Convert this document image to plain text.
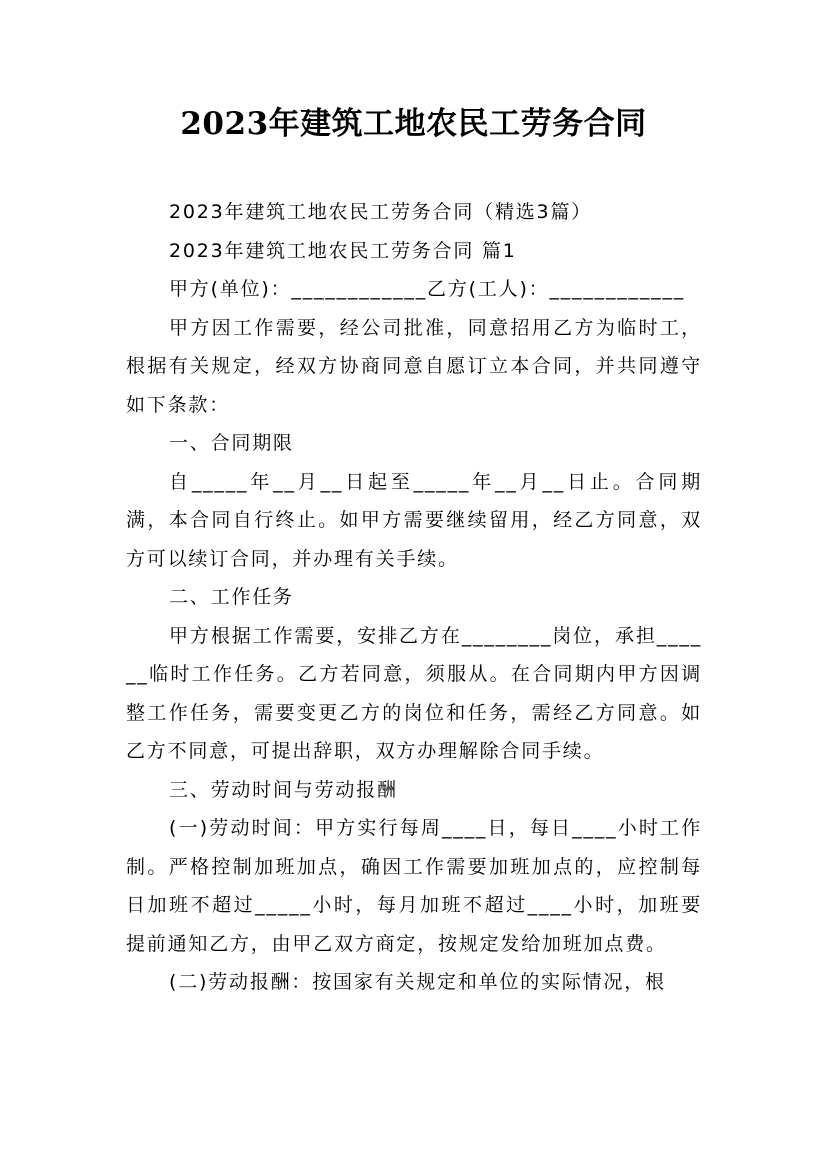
2023年建筑工地农民工劳务合同

2023年建筑工地农民工劳务合同（精选3篇）

2023年建筑工地农民工劳务合同 篇1

甲方(单位)：____________乙方(工人)：____________

甲方因工作需要，经公司批准，同意招用乙方为临时工，根据有关规定，经双方协商同意自愿订立本合同，并共同遵守如下条款：

一、合同期限

自_____年__月__日起至_____年__月__日止。合同期满，本合同自行终止。如甲方需要继续留用，经乙方同意，双方可以续订合同，并办理有关手续。

二、工作任务

甲方根据工作需要，安排乙方在________岗位，承担______临时工作任务。乙方若同意，须服从。在合同期内甲方因调整工作任务，需要变更乙方的岗位和任务，需经乙方同意。如乙方不同意，可提出辞职，双方办理解除合同手续。

三、劳动时间与劳动报酬

(一)劳动时间：甲方实行每周____日，每日____小时工作制。严格控制加班加点，确因工作需要加班加点的，应控制每日加班不超过_____小时，每月加班不超过____小时，加班要提前通知乙方，由甲乙双方商定，按规定发给加班加点费。

(二)劳动报酬：按国家有关规定和单位的实际情况，根
